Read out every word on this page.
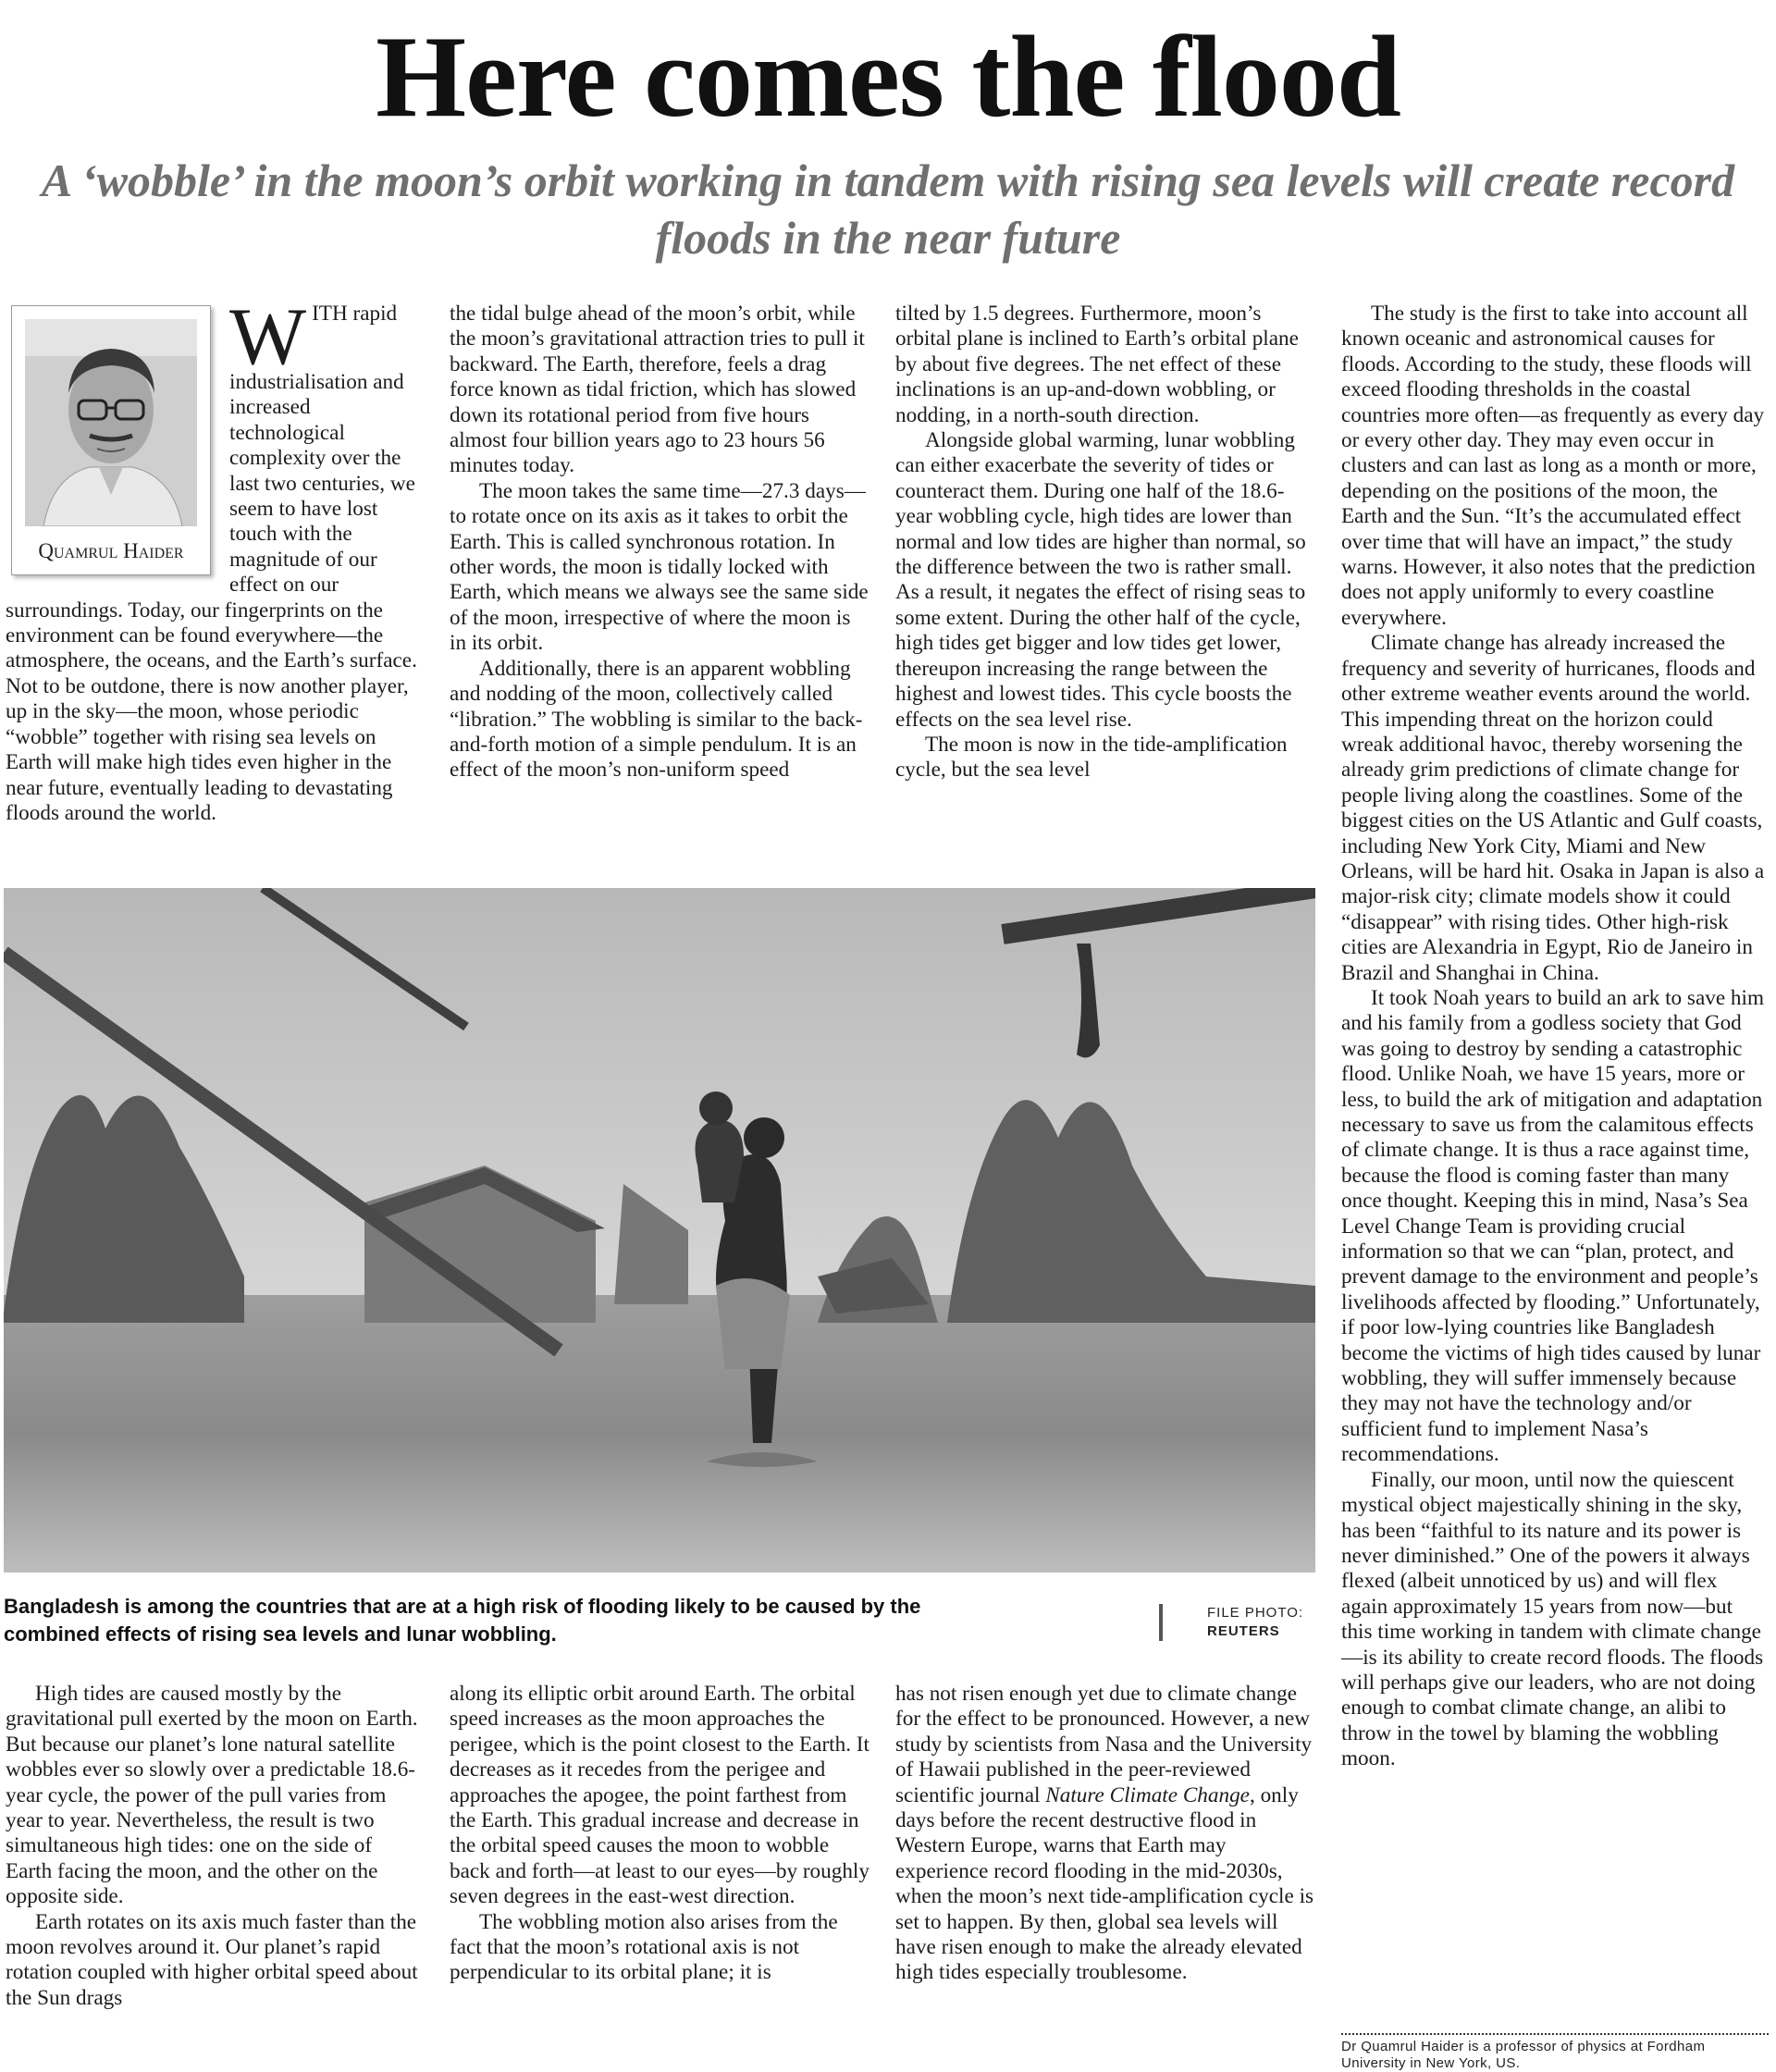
Here comes the flood
A ‘wobble’ in the moon’s orbit working in tandem with rising sea levels will create record floods in the near future

W ITH rapid industrialisation and increased technological complexity over the last two centuries, we seem to have lost touch with the magnitude of our effect on our surroundings. Today, our fingerprints on the environment can be found everywhere—the atmosphere, the oceans, and the Earth’s surface. Not to be outdone, there is now another player, up in the sky—the moon, whose periodic “wobble” together with rising sea levels on Earth will make high tides even higher in the near future, eventually leading to devastating floods around the world.

Quamrul Haider

the tidal bulge ahead of the moon’s orbit, while the moon’s gravitational attraction tries to pull it backward. The Earth, therefore, feels a drag force known as tidal friction, which has slowed down its rotational period from five hours almost four billion years ago to 23 hours 56 minutes today.

The moon takes the same time—27.3 days—to rotate once on its axis as it takes to orbit the Earth. This is called synchronous rotation. In other words, the moon is tidally locked with Earth, which means we always see the same side of the moon, irrespective of where the moon is in its orbit.

Additionally, there is an apparent wobbling and nodding of the moon, collectively called “libration.” The wobbling is similar to the back-and-forth motion of a simple pendulum. It is an effect of the moon’s non-uniform speed

tilted by 1.5 degrees. Furthermore, moon’s orbital plane is inclined to Earth’s orbital plane by about five degrees. The net effect of these inclinations is an up-and-down wobbling, or nodding, in a north-south direction.

Alongside global warming, lunar wobbling can either exacerbate the severity of tides or counteract them. During one half of the 18.6-year wobbling cycle, high tides are lower than normal and low tides are higher than normal, so the difference between the two is rather small. As a result, it negates the effect of rising seas to some extent. During the other half of the cycle, high tides get bigger and low tides get lower, thereupon increasing the range between the highest and lowest tides. This cycle boosts the effects on the sea level rise.

The moon is now in the tide-amplification cycle, but the sea level

The study is the first to take into account all known oceanic and astronomical causes for floods. According to the study, these floods will exceed flooding thresholds in the coastal countries more often—as frequently as every day or every other day. They may even occur in clusters and can last as long as a month or more, depending on the positions of the moon, the Earth and the Sun. “It’s the accumulated effect over time that will have an impact,” the study warns. However, it also notes that the prediction does not apply uniformly to every coastline everywhere.

Climate change has already increased the frequency and severity of hurricanes, floods and other extreme weather events around the world. This impending threat on the horizon could wreak additional havoc, thereby worsening the already grim predictions of climate change for people living along the coastlines. Some of the biggest cities on the US Atlantic and Gulf coasts, including New York City, Miami and New Orleans, will be hard hit. Osaka in Japan is also a major-risk city; climate models show it could “disappear” with rising tides. Other high-risk cities are Alexandria in Egypt, Rio de Janeiro in Brazil and Shanghai in China.

It took Noah years to build an ark to save him and his family from a godless society that God was going to destroy by sending a catastrophic flood. Unlike Noah, we have 15 years, more or less, to build the ark of mitigation and adaptation necessary to save us from the calamitous effects of climate change. It is thus a race against time, because the flood is coming faster than many once thought. Keeping this in mind, Nasa’s Sea Level Change Team is providing crucial information so that we can “plan, protect, and prevent damage to the environment and people’s livelihoods affected by flooding.” Unfortunately, if poor low-lying countries like Bangladesh become the victims of high tides caused by lunar wobbling, they will suffer immensely because they may not have the technology and/or sufficient fund to implement Nasa’s recommendations.

Finally, our moon, until now the quiescent mystical object majestically shining in the sky, has been “faithful to its nature and its power is never diminished.” One of the powers it always flexed (albeit unnoticed by us) and will flex again approximately 15 years from now—but this time working in tandem with climate change—is its ability to create record floods. The floods will perhaps give our leaders, who are not doing enough to combat climate change, an alibi to throw in the towel by blaming the wobbling moon.

Bangladesh is among the countries that are at a high risk of flooding likely to be caused by the combined effects of rising sea levels and lunar wobbling.
FILE PHOTO:
REUTERS

High tides are caused mostly by the gravitational pull exerted by the moon on Earth. But because our planet’s lone natural satellite wobbles ever so slowly over a predictable 18.6-year cycle, the power of the pull varies from year to year. Nevertheless, the result is two simultaneous high tides: one on the side of Earth facing the moon, and the other on the opposite side.

Earth rotates on its axis much faster than the moon revolves around it. Our planet’s rapid rotation coupled with higher orbital speed about the Sun drags

along its elliptic orbit around Earth. The orbital speed increases as the moon approaches the perigee, which is the point closest to the Earth. It decreases as it recedes from the perigee and approaches the apogee, the point farthest from the Earth. This gradual increase and decrease in the orbital speed causes the moon to wobble back and forth—at least to our eyes—by roughly seven degrees in the east-west direction.

The wobbling motion also arises from the fact that the moon’s rotational axis is not perpendicular to its orbital plane; it is

has not risen enough yet due to climate change for the effect to be pronounced. However, a new study by scientists from Nasa and the University of Hawaii published in the peer-reviewed scientific journal Nature Climate Change, only days before the recent destructive flood in Western Europe, warns that Earth may experience record flooding in the mid-2030s, when the moon’s next tide-amplification cycle is set to happen. By then, global sea levels will have risen enough to make the already elevated high tides especially troublesome.

Dr Quamrul Haider is a professor of physics at Fordham University in New York, US.
